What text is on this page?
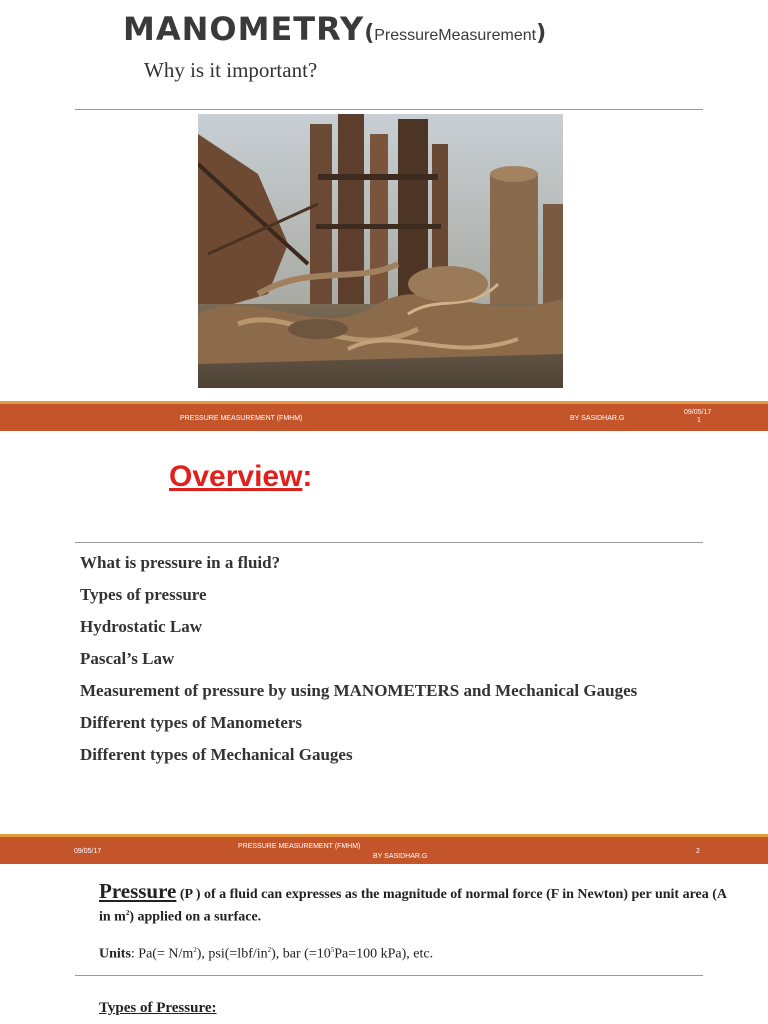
MANOMETRY(PressureMeasurement)
Why is it important?
PRESSURE MEASUREMENT (FMHM)	BY SASIDHAR.G
09/05/17
1
Overview:
What is pressure in a fluid?
Types of pressure
Hydrostatic Law
Pascal’s Law
Measurement of pressure by using MANOMETERS and Mechanical Gauges
Different types of Manometers
Different types of Mechanical Gauges
09/05/17
PRESSURE MEASUREMENT (FMHM)
BY SASIDHAR.G
2
Pressure (P ) of a fluid can expresses as the magnitude of normal force (F in Newton) per unit area (A in $m^2$) applied on a surface.
Units: $Pa(= N/m^2)$, $psi(=lbf/in^2)$, bar ($=10^5Pa=100$ kPa), etc.
Types of Pressure:
